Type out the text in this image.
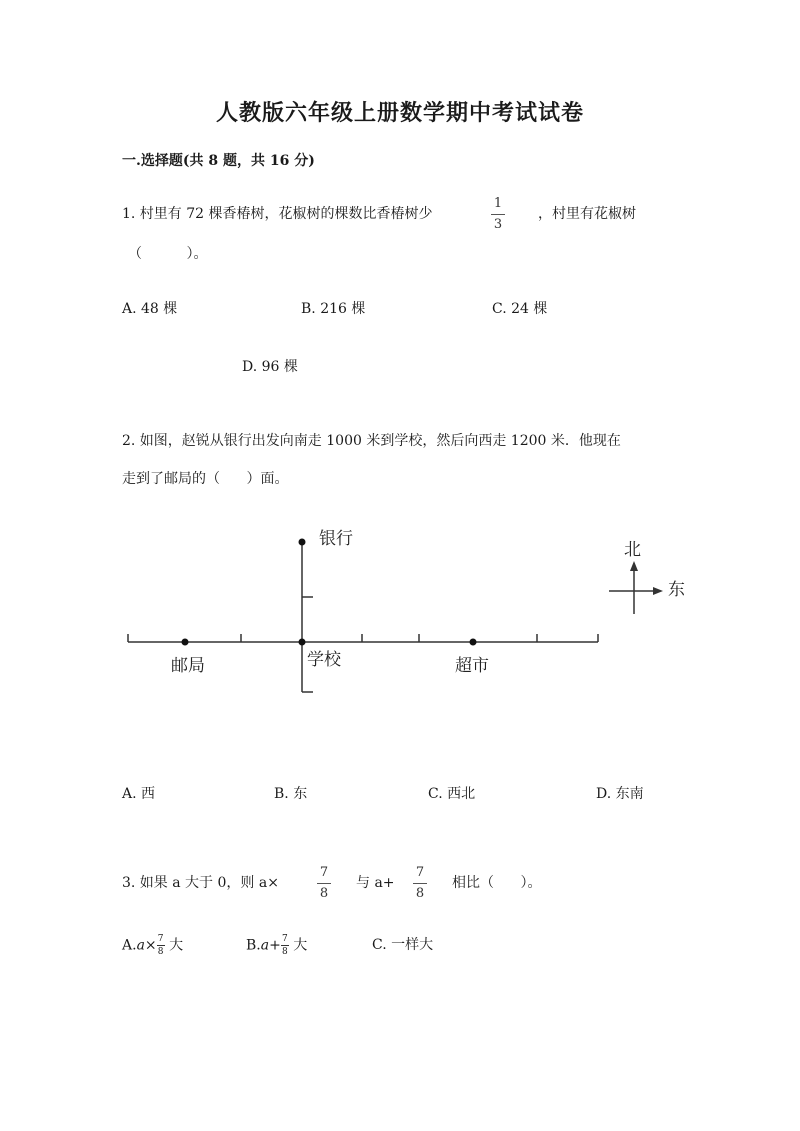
人教版六年级上册数学期中考试试卷
一.选择题(共 8 题，共 16 分)
1. 村里有 72 棵香椿树，花椒树的棵数比香椿树少
1
3
，村里有花椒树
（ ）。
A. 48 棵	B. 216 棵	C. 24 棵
D. 96 棵
2. 如图，赵锐从银行出发向南走 1000 米到学校，然后向西走 1200 米．他现在
走到了邮局的（ ）面。
银行
邮局	学校	超市
北
东
A. 西	B. 东	C. 西北	D. 东南
3. 如果 a 大于 0，则 a×
7
8
与 a+
7
8
相比（ ）。
$A.a\times\frac{7}{8}$ 大	$B.a+\frac{7}{8}$ 大	C. 一样大
